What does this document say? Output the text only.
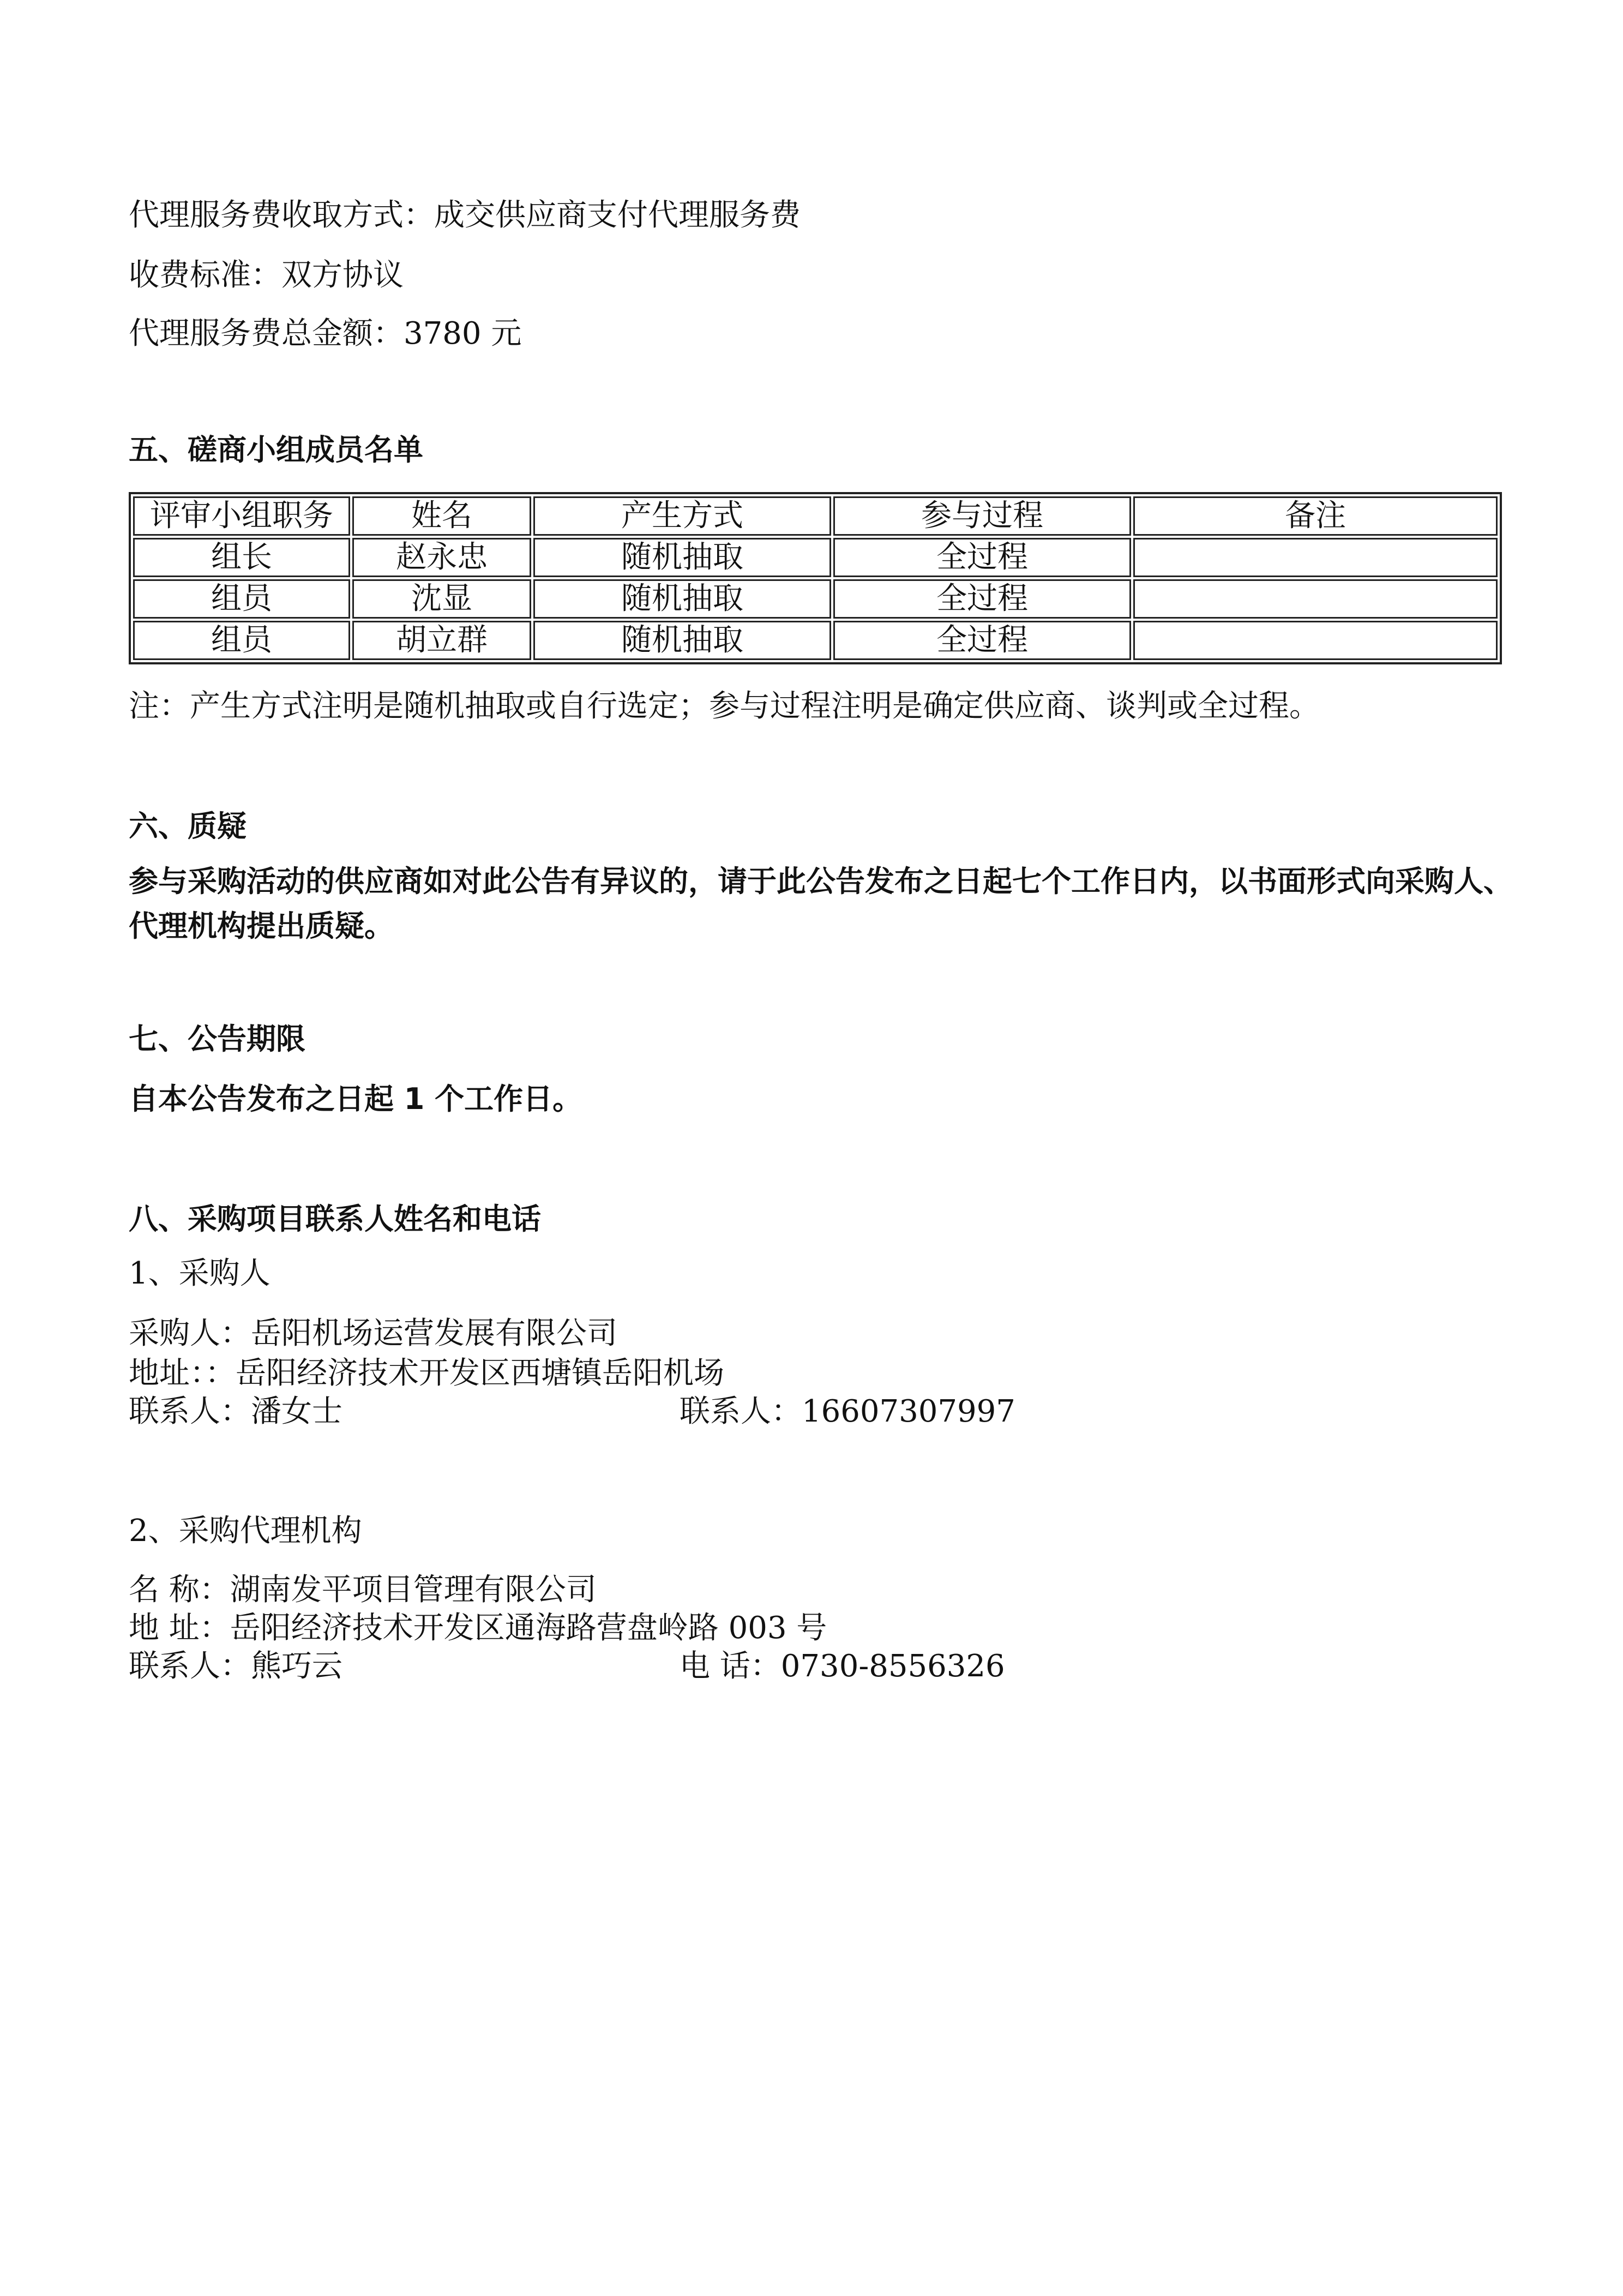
代理服务费收取方式：成交供应商支付代理服务费
收费标准：双方协议
代理服务费总金额：3780 元
五、磋商小组成员名单
评审小组职务	姓名	产生方式	参与过程	备注
组长	赵永忠	随机抽取	全过程	
组员	沈显	随机抽取	全过程	
组员	胡立群	随机抽取	全过程	
注：产生方式注明是随机抽取或自行选定；参与过程注明是确定供应商、谈判或全过程。
六、质疑
参与采购活动的供应商如对此公告有异议的，请于此公告发布之日起七个工作日内，以书面形式向采购人、代理机构提出质疑。
七、公告期限
自本公告发布之日起 1 个工作日。
八、采购项目联系人姓名和电话
1、采购人
采购人：岳阳机场运营发展有限公司
地址：：岳阳经济技术开发区西塘镇岳阳机场
联系人：潘女士	联系人：16607307997
2、采购代理机构
名 称：湖南发平项目管理有限公司
地 址：岳阳经济技术开发区通海路营盘岭路 003 号
联系人：熊巧云	电 话：0730-8556326
